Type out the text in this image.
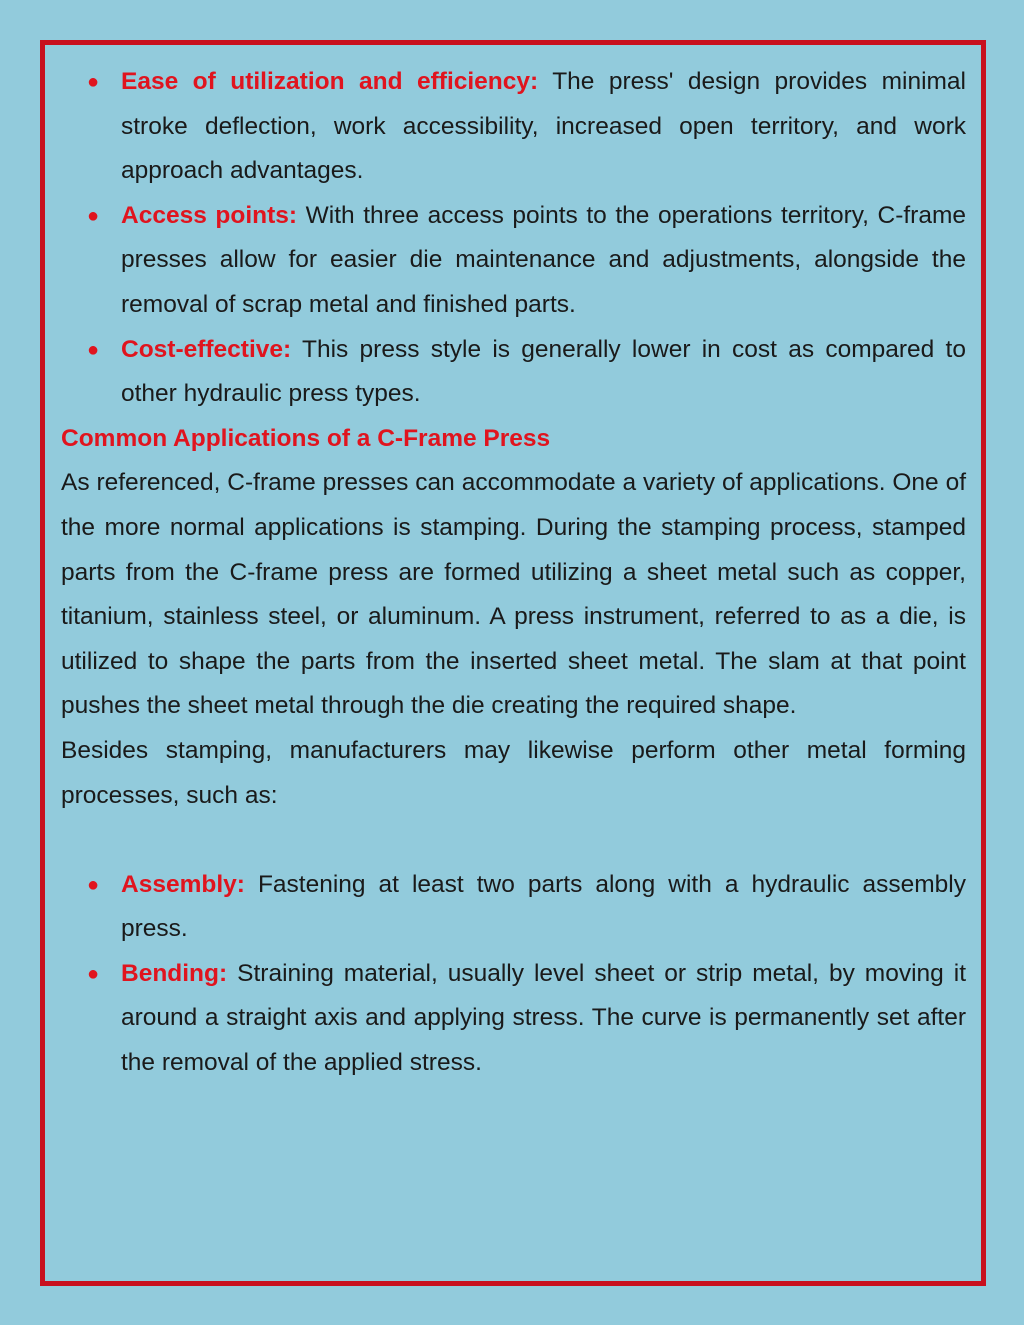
● Ease of utilization and efficiency: The press' design provides minimal stroke deflection, work accessibility, increased open territory, and work approach advantages.
● Access points: With three access points to the operations territory, C-frame presses allow for easier die maintenance and adjustments, alongside the removal of scrap metal and finished parts.
● Cost-effective: This press style is generally lower in cost as compared to other hydraulic press types.

Common Applications of a C-Frame Press

As referenced, C-frame presses can accommodate a variety of applications. One of the more normal applications is stamping. During the stamping process, stamped parts from the C-frame press are formed utilizing a sheet metal such as copper, titanium, stainless steel, or aluminum. A press instrument, referred to as a die, is utilized to shape the parts from the inserted sheet metal. The slam at that point pushes the sheet metal through the die creating the required shape.

Besides stamping, manufacturers may likewise perform other metal forming processes, such as:

● Assembly: Fastening at least two parts along with a hydraulic assembly press.
● Bending: Straining material, usually level sheet or strip metal, by moving it around a straight axis and applying stress. The curve is permanently set after the removal of the applied stress.
